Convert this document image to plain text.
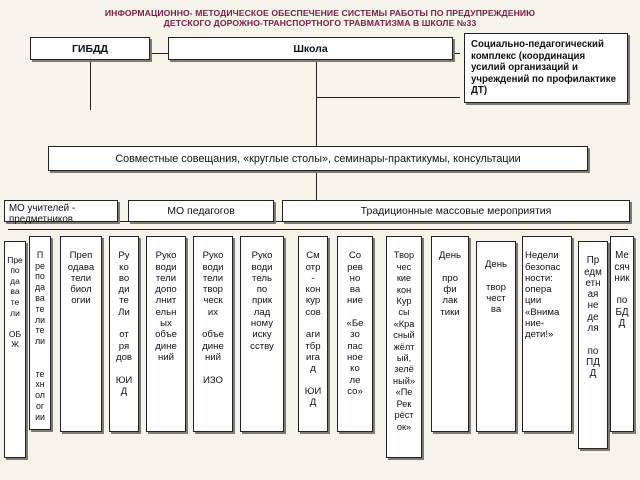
ИНФОРМАЦИОННО- МЕТОДИЧЕСКОЕ ОБЕСПЕЧЕНИЕ СИСТЕМЫ РАБОТЫ ПО ПРЕДУПРЕЖДЕНИЮ
ДЕТСКОГО ДОРОЖНО-ТРАНСПОРТНОГО ТРАВМАТИЗМА В ШКОЛЕ №33
ГИБДД	Школа	Социально-педагогический комплекс (координация усилий организаций и учреждений по профилактике ДТ)
Совместные совещания, «круглые столы», семинары-практикумы, консультации
МО учителей - предметников
МО педагогов	Традиционные массовые мероприятия

Пре
по
да
ва
те
ли

ОБ
Ж

П
ре
по
да
ва
те
ли
те
ли

те
хн
ол
ог
ии

Преп
одава
тели
биол
огии

Ру
ко
во
ди
те
Ли

от
ря
дов

ЮИ
Д

Руко
води
тели
допо
лнит
ельн
ых
объе
дине
ний

Руко
води
тели
твор
ческ
их

объе
дине
ний

ИЗО

Руко
води
тель
по
прик
лад
ному
иску
сству

См
отр
-
кон
кур
сов

аги
тбр
ига
д

ЮИ
Д

Со
рев
но
ва
ние

«Бе
зо
пас
ное
ко
ле
со»

Твор
чес
кие
кон
Кур
сы
«Кра
сный
жёлт
ый,
зелё
ный»
«Пе
Рек
рёст
ок»

День

про
фи
лак
тики

День

твор
чест
ва

Недели
безопас
ности:
опера
ции
«Внима
ние-
дети!»

Пр
едм
етн
ая
не
де
ля

по
ПД
Д

Ме
сяч
ник

по
БД
Д
